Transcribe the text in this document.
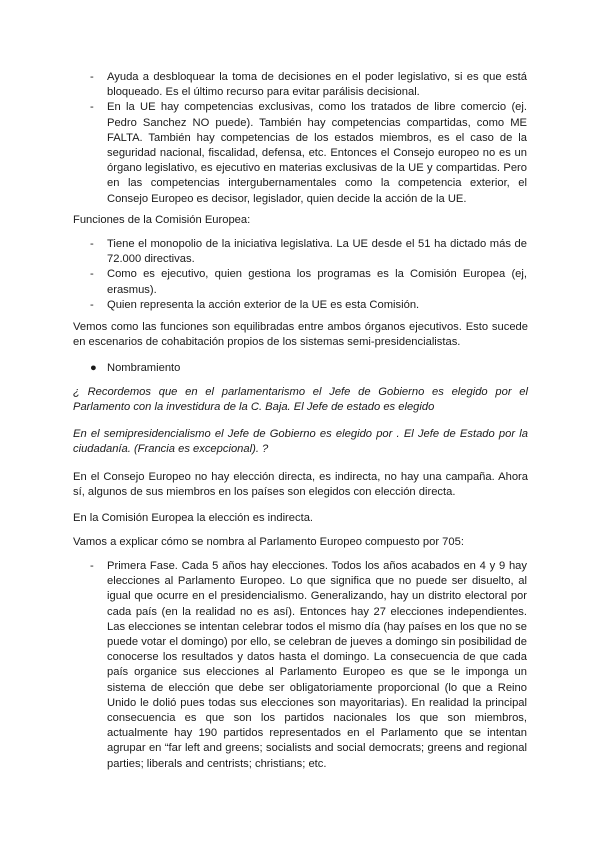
- Ayuda a desbloquear la toma de decisiones en el poder legislativo, si es que está bloqueado. Es el último recurso para evitar parálisis decisional.
- En la UE hay competencias exclusivas, como los tratados de libre comercio (ej. Pedro Sanchez NO puede). También hay competencias compartidas, como ME FALTA. También hay competencias de los estados miembros, es el caso de la seguridad nacional, fiscalidad, defensa, etc. Entonces el Consejo europeo no es un órgano legislativo, es ejecutivo en materias exclusivas de la UE y compartidas. Pero en las competencias intergubernamentales como la competencia exterior, el Consejo Europeo es decisor, legislador, quien decide la acción de la UE.

Funciones de la Comisión Europea:

- Tiene el monopolio de la iniciativa legislativa. La UE desde el 51 ha dictado más de 72.000 directivas.
- Como es ejecutivo, quien gestiona los programas es la Comisión Europea (ej, erasmus).
- Quien representa la acción exterior de la UE es esta Comisión.

Vemos como las funciones son equilibradas entre ambos órganos ejecutivos. Esto sucede en escenarios de cohabitación propios de los sistemas semi-presidencialistas.

● Nombramiento

¿ Recordemos que en el parlamentarismo el Jefe de Gobierno es elegido por el Parlamento con la investidura de la C. Baja. El Jefe de estado es elegido

En el semipresidencialismo el Jefe de Gobierno es elegido por . El Jefe de Estado por la ciudadanía. (Francia es excepcional). ?

En el Consejo Europeo no hay elección directa, es indirecta, no hay una campaña. Ahora sí, algunos de sus miembros en los países son elegidos con elección directa.

En la Comisión Europea la elección es indirecta.

Vamos a explicar cómo se nombra al Parlamento Europeo compuesto por 705:

- Primera Fase. Cada 5 años hay elecciones. Todos los años acabados en 4 y 9 hay elecciones al Parlamento Europeo. Lo que significa que no puede ser disuelto, al igual que ocurre en el presidencialismo. Generalizando, hay un distrito electoral por cada país (en la realidad no es así). Entonces hay 27 elecciones independientes. Las elecciones se intentan celebrar todos el mismo día (hay países en los que no se puede votar el domingo) por ello, se celebran de jueves a domingo sin posibilidad de conocerse los resultados y datos hasta el domingo. La consecuencia de que cada país organice sus elecciones al Parlamento Europeo es que se le imponga un sistema de elección que debe ser obligatoriamente proporcional (lo que a Reino Unido le dolió pues todas sus elecciones son mayoritarias). En realidad la principal consecuencia es que son los partidos nacionales los que son miembros, actualmente hay 190 partidos representados en el Parlamento que se intentan agrupar en “far left and greens; socialists and social democrats; greens and regional parties; liberals and centrists; christians; etc.
